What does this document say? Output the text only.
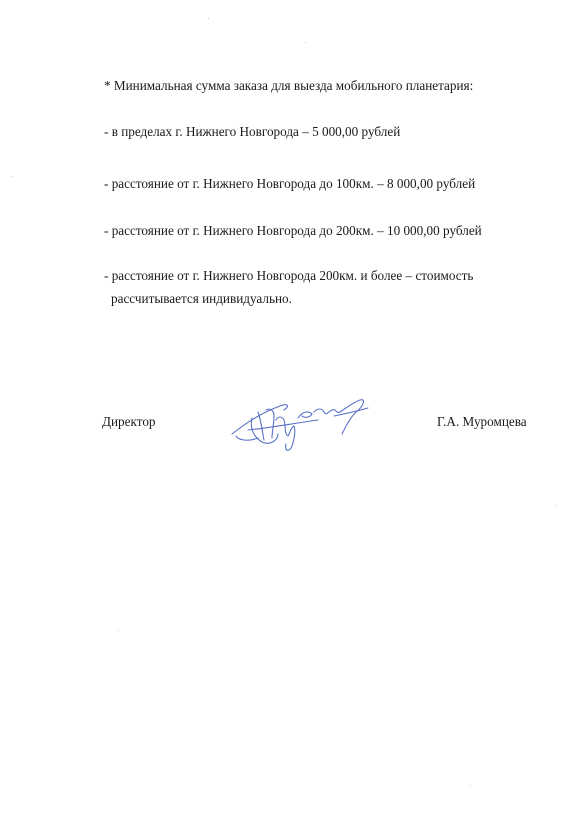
* Минимальная сумма заказа для выезда мобильного планетария:
- в пределах г. Нижнего Новгорода – 5 000,00 рублей
- расстояние от г. Нижнего Новгорода до 100км. – 8 000,00 рублей
- расстояние от г. Нижнего Новгорода до 200км. – 10 000,00 рублей
- расстояние от г. Нижнего Новгорода 200км. и более – стоимость
рассчитывается индивидуально.
Директор	Г.А. Муромцева
